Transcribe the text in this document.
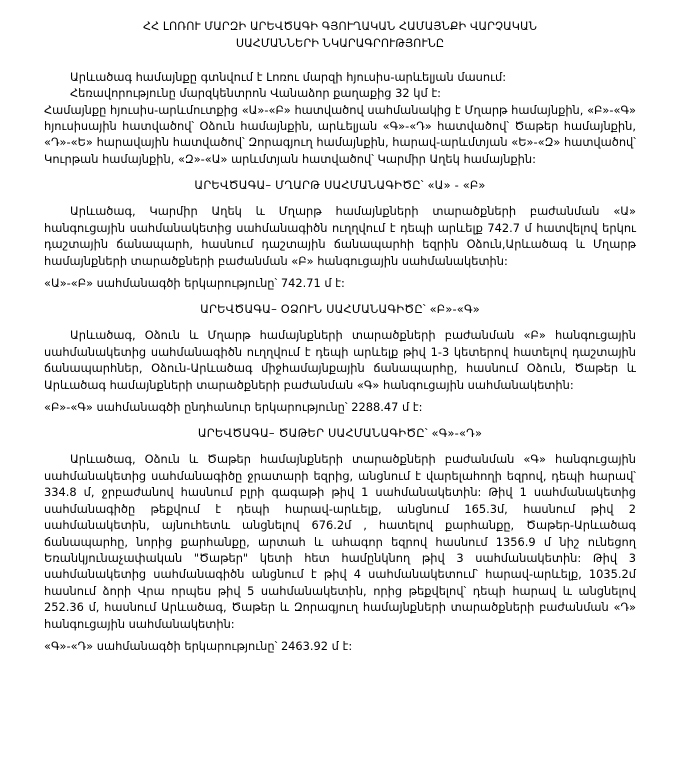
ՀՀ ԼՈՌՈՒ ՄԱՐԶԻ ԱՐԵՎԾԱԳԻ ԳՅՈՒՂԱԿԱՆ ՀԱՄԱՅՆՔԻ ՎԱՐՉԱԿԱՆ
ՍԱՀՄԱՆՆԵՐԻ ՆԿԱՐԱԳՐՈՒԹՅՈՒՆԸ

Արևածագ համայնքը գտնվում է Լոռու մարզի հյուսիս-արևելյան մասում:

Հեռավորությունը մարզկենտրոն Վանաձոր քաղաքից 32 կմ է:

Համայնքը հյուսիս-արևմուտքից «Ա»-«Բ» հատվածով սահմանակից է Մղարթ համայնքին, «Բ»-«Գ» հյուսիսային հատվածով՝ Օձուն համայնքին, արևելյան «Գ»-«Դ» հատվածով՝ Ծաթեր համայնքին, «Դ»-«Ե» հարավային հատվածով՝ Զորագյուղ համայնքին, հարավ-արևմտյան «Ե»-«Զ» հատվածով՝ Կուրթան համայնքին, «Զ»-«Ա» արևմտյան հատվածով՝ Կարմիր Աղեկ համայնքին:

ԱՐԵՎԾԱԳԱ– ՄՂԱՐԹ ՍԱՀՄԱՆԱԳԻԾԸ՝ «Ա» - «Բ»

Արևածագ, Կարմիր Աղեկ և Մղարթ համայնքների տարածքների բաժանման «Ա» հանգուցային սահմանակետից սահմանագիծն ուղղվում է դեպի արևելք 742.7 մ հատվելով երկու դաշտային ճանապարհ, հասնում դաշտային ճանապարհի եզրին Օձուն,Արևածագ և Մղարթ համայնքների տարածքների բաժանման «Բ» հանգուցային սահմանակետին:

«Ա»-«Բ» սահմանագծի երկարությունը՝ 742.71 մ է:

ԱՐԵՎԾԱԳԱ– ՕՁՈՒՆ ՍԱՀՄԱՆԱԳԻԾԸ՝ «Բ»-«Գ»

Արևածագ, Օձուն և Մղարթ համայնքների տարածքների բաժանման «Բ» հանգուցային սահմանակետից սահմանագիծն ուղղվում է դեպի արևելք թիվ 1-3 կետերով հատելով դաշտային ճանապարհներ, Օձուն-Արևածագ միջհամայնքային ճանապարհը, հասնում Օձուն, Ծաթեր և Արևածագ համայնքների տարածքների բաժանման «Գ» հանգուցային սահմանակետին:

«Բ»-«Գ» սահմանագծի ընդհանուր երկարությունը՝ 2288.47 մ է:

ԱՐԵՎԾԱԳԱ– ԾԱԹԵՐ ՍԱՀՄԱՆԱԳԻԾԸ՝ «Գ»-«Դ»

Արևածագ, Օձուն և Ծաթեր համայնքների տարածքների բաժանման «Գ» հանգուցային սահմանակետից սահմանագիծը ջրատարի եզրից, անցնում է վարելահողի եզրով, դեպի հարավ՝ 334.8 մ, ջրբաժանով հասնում բլրի գագաթի թիվ 1 սահմանակետին: Թիվ 1 սահմանակետից սահմանագիծը թեքվում է դեպի հարավ-արևելք, անցնում 165.3մ, հասնում թիվ 2 սահմանակետին, այնուհետև անցնելով 676.2մ , հատելով քարհանքը, Ծաթեր-Արևածագ ճանապարհը, նորից քարհանքը, արտահ և ահագոր եզրով հասնում 1356.9 մ նիշ ունեցող Եռանկյունաչափական "Ծաթեր" կետի հետ համընկնող թիվ 3 սահմանակետին: Թիվ 3 սահմանակետից սահմանագիծն անցնում է թիվ 4 սահմանակետում՝ հարավ-արևելք, 1035.2մ հասնում ձորի Վրա որպես թիվ 5 սահմանակետին, որից թեքվելով՝ դեպի հարավ և անցնելով 252.36 մ, հասնում Արևածագ, Ծաթեր և Զորագյուղ համայնքների տարածքների բաժանման «Դ» հանգուցային սահմանակետին:

«Գ»-«Դ» սահմանագծի երկարությունը՝ 2463.92 մ է:
